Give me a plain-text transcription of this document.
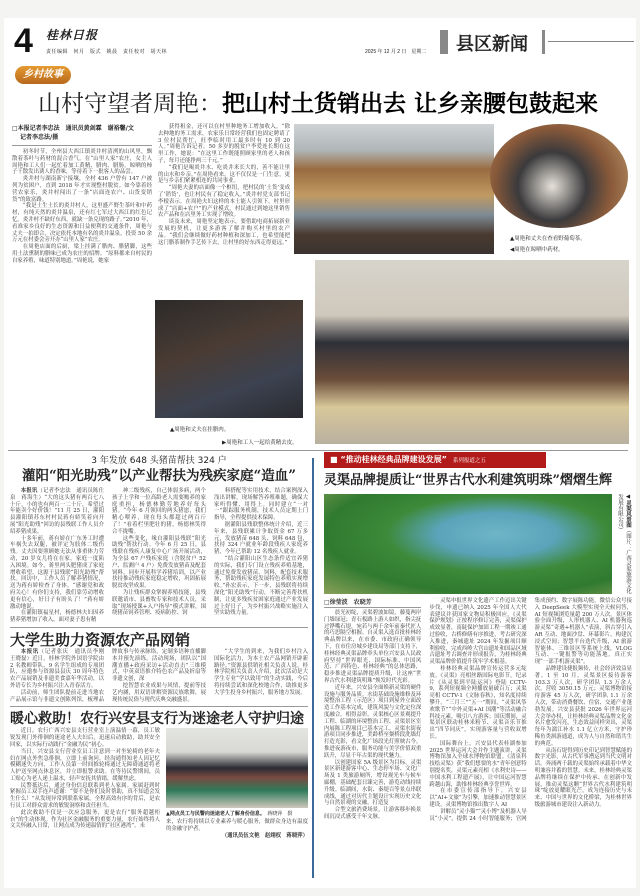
4 桂林日报
责任编辑　何月　版式　姚晨　责任校对　胡天林	2025 年 12 月 2 日　星期二 县区新闻
乡村故事
山村守望者周艳：把山村土货销出去 让乡亲腰包鼓起来
□本报记者李忠法　通讯员黄剑霖　谢裕馨/文
记者李忠法/摄

初冬时节，全州县大西江镇炎井村清洌的山风里，飘散着茶叶与药材的混合香气。在“山里人家”农庄，女主人周艳和工人们一起忙着加工黄精、腊肉、腊肠，晾晒的柿子干散发出诱人的香味，等待着下一批客人的品尝。

炎井村与湖南新宁接壤，全村 436 户曾有 147 户被列为贫困户，直到 2018 年才实现整村脱贫。如今靠着经营农家乐，炎井村闯出了一条“店面连农户、山货变销货”的致富路。

“我是土生土长的炎井村人，这里盛产野生茶叶和中药材，有纯天然的炎井温泉，还有红七军过大西江的红色记忆。炎井村不缺好东西，就缺一条兑现的路子。”2010 年，看准家乡良好的生态资源和日益便利的交通条件，周艳与丈夫一拍即合，决定依托本地有名的炎井温泉，投资 50 余万元在村委会旁开办“山里人家”农庄。

在周艳店面的后厨，梁上挂满了腊肉、腊猪脚，这些用土法熏制的腊味已成为农庄的招牌。“原料都来自村民的自家养殖，味道特别地道。”周艳说，她家

获得租金，还可以在村里种地务工增加收入。“除去种地的务工需求，农家乐日常经营我们也固定聘请了 3 位村民帮忙，旺季临时用工最多时有 10 到 20 人。”周艳告诉记者。50 多岁的脱贫户李爱连长期在这里工作，她说：“在这里工作既能照顾家里的老人和孩子，每月还能挣两三千元。”

“我们是喝炎井水、吃炎井米长大的，善不能让里的山水和乡亲。”在周艳看来，这不仅仅是一门生意，更是与乡亲们紧紧相连的共同事业。

“周艳夫妻的店面像一个枢纽，把村民的‘土货’变成了‘销货’，也让村民有了稳定收入。”炎井村党支部书记李棱表示。在周艳夫妇这样的本土能人引领下，村里形成了“店面+农户”的产业模式，村民通过到她这里销售农产品和在店里务工实现了增收。

谈及未来，周艳坚定地表示，要借助电商拓展新业发展的契机，让更多游客了解并购买村里的农产品。“我们会继续做好药材种植和深加工，也希望能把这门腊茶制作手艺传下去，让村里的好东西走得更远。”

▲周艳和丈夫在查看野葡萄茶。
◀周艳在晾晒中药材。
▲周艳和丈夫在挂腊肉。
▶周艳和工人一起给黄精去皮。
3 年发放 648 头猪苗帮扶 324 户
灌阳“阳光助残”以产业帮扶为残疾家庭“造血”

本报讯（记者李忠法　通讯员陈仕泉　蒋海生）“大的这头猪有两百七八十斤，小的也有两百一二十斤，希望过年能卖个好价钱！”11 月 25 日，灌阳县灌阳镇苏东村村民蒋有娇笑着向开展“阳光助残”回访的县残联工作人员介绍养猪成果。

十多年前，蒋有娇在广东务工时遭车祸失去双腿，被评定为肢体二级伤残。丈夫因要照顾她无法从事重体力劳动，20 岁女儿将在在家，家庭一度陷入困境。如今，蒋里两头肥猪成了家庭增收希望，这源于县残联“阳光助残”帮扶。回访中，工作人员了解养猪情况，送为蒋有娇检查了身体。“感谢党和政府关心！有你们支持，我们靠劳动增收更有信心，好日子有盼头了！”蒋有娇激动地说。

在灌阳镇福星村，杨德林夫妇因养猪养猪增加了收入，面对妻子患有精

神二级残疾，自己体弱多病，两个孩子上学和一位高龄老人需要赡养的家庭重担，杨德林勤劳地养好每头猪。“今年 6 月领回的两头猪崽，我们精心喂养，现在每头都超过两百斤了！”看着栏里肥壮的猪，杨德林笑得合不拢嘴。

这些变化，缘自灌阳县残联“阳光助残”帮扶行动。今年 6 月 25 日，县残联在残疾人康复中心广场开展活动，为全县 67 户残疾家庭（含脱贫户 52 户、监测户 4 户）免费发放猪苗及配套饲料，同步开展科学养猪培训，以产业扶持推动残疾家庭稳定增收，巩固拓展脱贫攻坚成果。

为让残疾群众掌握养殖技能，县残联邀请市、县畜牧专家和技术人员，采取“现场授课+入户指导”模式讲解，围绕猪苗饲养管理、疫病防控、饲

料搭配等实用技术，结合案例深入浅出讲解，现场解答养殖难题，确保大家听得懂、用得上。同时建立“一对一”跟踪服务机制，技术人员定期上门指导，全程提供技术保障。

据灌阳县残联整体统计介绍，近三年来，县残联累计争取资金 67 万多元，发放猪苗 648 头、饲料 648 包，扶持 324 户就业年龄段残疾人家庭养猪，今年已帮助 12 名残疾人就业。

“结合灌阳山区生态条件适宜养猪的实际，我们专门设立残疾养殖基地，通过免费发放猪苗、饲料，配套技术服务，帮助残疾家庭发展特色养殖实现增收。”孙宏表示，下一步，县残联将持续深化“阳光助残”行动，不断完善帮扶机制，让更多残疾贫困家庭通过产业发展过上好日子，为乡村振兴战略实施注入坚实助残力量。

大学生助力资源农产品网销

本报讯（记者张庆　通讯员李刚　王晓磊）近日，桂林学院外国语学院由 2 名教师带队、9 名学生组成的专项团队，应邀参与资源县县庆 30 周年特色农产品展销及非遗美食嘉年华活动，以外语专长为乡村振兴注入青春活力。

活动前，师生团队提前走进当地农产品展示馆与非遗文创陈列馆，梳理品牌故事与传承脉络，定制多语种直播脚本并预先演练。活动现场，团队以“国潮直播+政府采访+活动直击”三维模式，中英双语推介特色农产品及折扇等非遗文创，深

挖智慧农业成果与风情，提前等技艺内涵，用双语讲解资源民族歌舞，展现传统民俗与现代庆典交融盛景。

“大学生的到来，为我们乡村注入国际化活力，为本土农产品网销开辟新路径。”资源县供销社相关负责人说。桂林学院相关负责人介绍，此次活动是大学生专业“学以致用”的生动实践，今后将持续尝试和深化校地合作，助推更多大学生投身乡村振兴，服务地方发展。

暖心救助！农行兴安县支行为迷途老人守护归途

近日，农行广西兴安县支行营业室上演温情一幕，员工敏锐发现门外徘徊的迷途老人夫妇后，迅速启动救助，助其安全回家，以实际行动践行“金融为民”初心。

当日，兴安县支行营业室员工注意到一对坐轮椅的老年夫妇在网点外焦急徘徊，立即上前询问。经沟通得知老人因记忆模糊迷失方向，工作人员第一时间推轮椅通过无障碍通道将老人护送至网点休息区，并立即报警求助。在等待民警期间，员工贴心为老人递上温水，轻声安抚其情绪，缓解焦虑。

民警抵达后，通过身份信息联系到老人家属。家属赶到时紧握员工双手连声道谢：“要不是你们及时帮助，真不知道会发生什么！”从发现异常到联系家属，全程高效有序的背后，是农行员工对群众需求的敏锐洞察和责任担当。

此次救助不仅是一次应急服务，更是农行“服务超越柜台”的生动体现。作为社区金融服务的重要力量，农行始终将人文关怀融入日常，让网点成为传递温情的“社区港湾”。未

▲网点员工与民警向迷途老人了解身份信息。　 蒋晓萍　摄
来，农行将持续以专业素养与暖心服务，做群众身边有温度的金融守护者。
（通讯员伍文艳　赵翊权　蒋晓萍）
■ “推动桂林经典品牌建设发展” 系列报道之五
灵渠品牌提质让“世界古代水利建筑明珠”熠熠生辉
◀灵渠风景图（图片：广西灵渠旅游文化发展有限公司）
□徐莹波　农晓芳

晨光初绽，灵渠碧波如镜，藤蔓两岸门墙绿冠；青石板路上游人如织，指尖抚过铧嘴石堤，宛若与两千余年前秦代匠人的巧思隔空相握。自灵渠入选首批桂林经典品牌以来，在市委、市政府正确领导下，在市住房城乡建设局等部门支持下，桂林经典灵渠品牌牵头单位兴安县人民政府坚持“世界眼光、国际标准、中国风范、广西特色、桂林经典”的总体思路，稳步推进灵渠品牌提质升级，让这座“世界古代水利建筑明珠”焕发时代光彩。

近年来，兴安县全面焕新灵渠的硬件设施与服务品质。水街基础设施维修及环境整治工程（示范区）项目到屋外立面改造工作基本完成，建筑风貌与文化定位深度融合。相得益彰。灵渠核心区景观提升工程、临湖的环境整治工程、灵渠景区室内展陈工程项目已基本完工。灵渠水街夜游项目同步推进，美龄桥至粲桥段洗墙灯打造光影，看文化广场段光灯照映古今。推进夜游夜市，服务功能与美学价值双重跃升，尽显千年古渠的现代魅力。

以创建国家 5A 级景区为目标，灵渠景区新建游客中心、生态停车场、文化广场及 1 类旅游厕所，增设观光车与候车廊棚，基础配套日臻完善，游览动线持续升级。临湖间，水街、秦堤百等景点串联成线，通过对历代主题设计实现历史文化与自然景观的交融，打造复

合型文旅消费场景，让游客移步换景间沉浸式感受千年文脉。

灵渠申报世界文化遗产工作迈出关键步伐，申遗已纳入 2025 年全国人大代表建议并获国家文物局积极回应，《灵渠保护规划》正按程序修订完善，灵渠保护成效显著，南陡保护加固工程一期竣工通过验收，古桥修缮有序推进，考古研究深入推进，秦城遗址 2024 年发掘项目顺利验收，完成西岭大宫山遗址和国品区域古遗址考古调查并形成报告，为桂林经典灵渠品牌价值提升筑牢学术根基。

桂林经典灵渠品牌宣传运营多元绽放。《灵渠》亮相丝路国际电影节，纪录片《从灵渠到平陆运河》登陆 CCTV-9，系列短视频全网播放量破百万；灵渠亮相 CCTV-1《文脉春秋》，知名度持续攀升。“三月三”“五一”期间，“灵渠风筝欢歌节”“中外灵渠+AI 国潮”等活动融合科技元素，吸引八方游客；国庆期间，灵渠景区联动桂林米粉节、灵渠音乐节推出“四节同庆”，实现游客量与营收双增长。

国际舞台上，兴安县代表桂湖参加 2025 世界运河大会并作主题演讲，灵渠博物馆加入全球水博物馆联盟。《清泉科技绘灵渠》获“我们想要的水”青年创意特别提名奖，灵渠元素亮相《水利史诗——中国水利工程遗产展》，让中国运河智慧跨越山海，助推桂林经典享誉世界。

在市委宣传部指导下，兴安县以“AI+文旅”为引擎，加速推动智慧景区建设，灵渠博物馆推出数字人 AI

讲解员“灵小猫”“灵小博”及机器人导员“小灵”，提供 24 小时智能服务；官网集成预约、数字展陈功能，微信公众号接入 DeepSeek 大模型实现全天候问答，AI 短视频浏览量超 200 万人次。景区体验全面升级，人形机器人、AI 机器狗巡游灵渠“奇遇+机器人”表演，斜古穿引入 AR 互动、地面沙盘、环幕影片，构建沉浸式空间；智慧平台迭代升级，AI 旅游智能体、三维景区等系统上线，VLOG 互动、一键报警等功能落地，真正实现“一部手机游灵渠”。

品牌建设捷报频传，社会经济效益显著。1 至 10 月，灵渠景区接待游客 103.3 万人次，研学团队 1.3 万余人次，营收 3050.15 万元；灵渠博物馆接待游客 45 万人次，研学团队 1.1 万余人次，带动消费餐饮、住宿、交通产业蓬勃发展。兴安县获批 2026 年世界运河大会举办权，让桂林经典灵渠品牌文化金名片愈发闪亮，生态效益同样突出，灵渠每年为漓江补水 1.1 亿立方米，守护珍稀鱼类洄游通道，成为人与自然和谐共生的典范。

从南石堤得到历史印记到智慧赋能的数字光影，从古代军事漕运到当代文明对话，奔涌两千载的灵渠始终承载着中华文明兼容并蓄的智慧。未来，桂林经典灵渠品牌将继续在保护中传承、在创新中发展，推动灵渠这颗“世界古代水利建筑明珠”绽放更耀眼光芒，成为连接历史与未来、中国与世界的文化桥梁，为桂林世界级旅游城市建设注入新动力。
